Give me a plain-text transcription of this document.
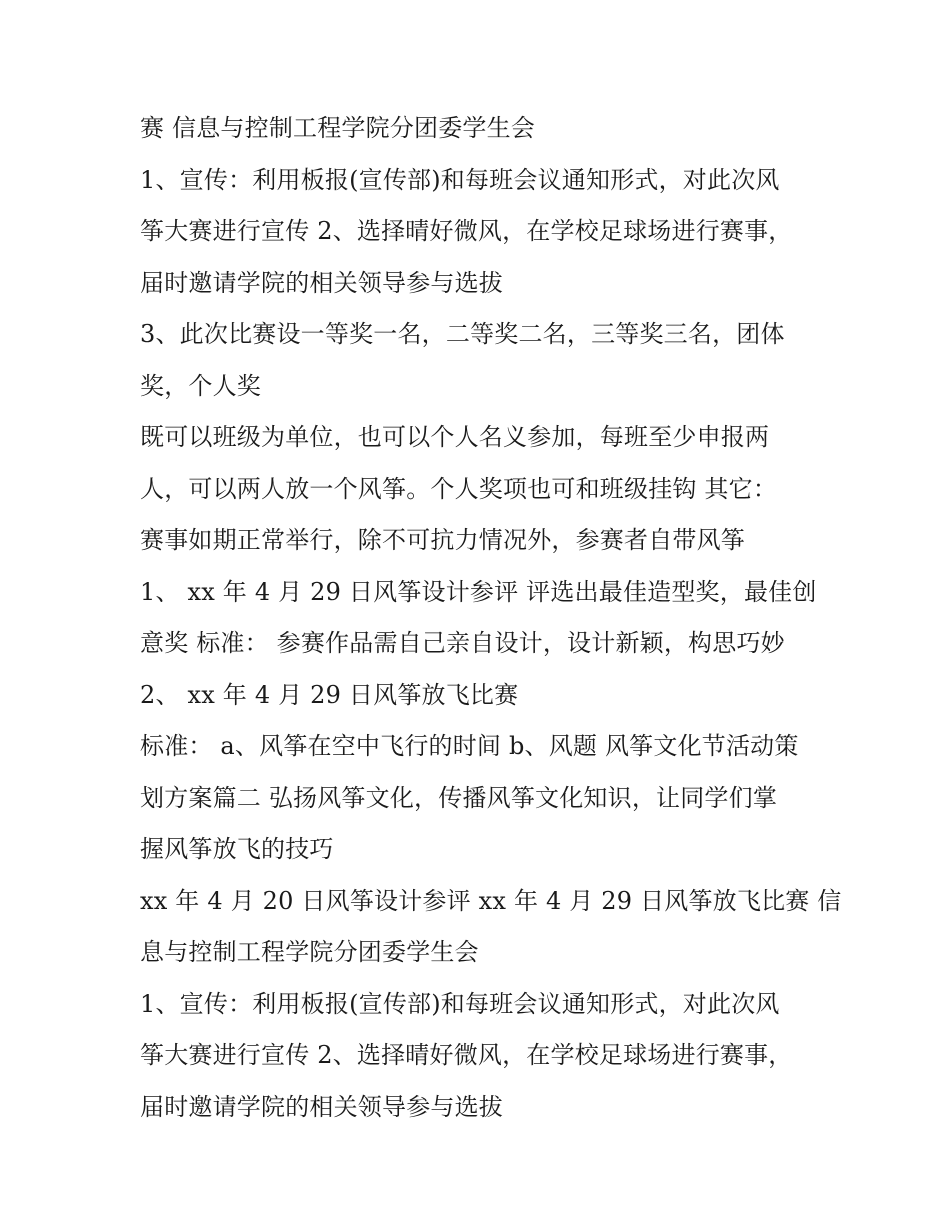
赛 信息与控制工程学院分团委学生会
1、宣传：利用板报(宣传部)和每班会议通知形式，对此次风
筝大赛进行宣传 2、选择晴好微风，在学校足球场进行赛事，
届时邀请学院的相关领导参与选拔
3、此次比赛设一等奖一名，二等奖二名，三等奖三名，团体
奖，个人奖
既可以班级为单位，也可以个人名义参加，每班至少申报两
人，可以两人放一个风筝。个人奖项也可和班级挂钩 其它：
赛事如期正常举行，除不可抗力情况外，参赛者自带风筝
1、 xx 年 4 月 29 日风筝设计参评 评选出最佳造型奖，最佳创
意奖 标准： 参赛作品需自己亲自设计，设计新颖，构思巧妙
2、 xx 年 4 月 29 日风筝放飞比赛
标准： a、风筝在空中飞行的时间 b、风题 风筝文化节活动策
划方案篇二 弘扬风筝文化，传播风筝文化知识，让同学们掌
握风筝放飞的技巧
xx 年 4 月 20 日风筝设计参评 xx 年 4 月 29 日风筝放飞比赛 信
息与控制工程学院分团委学生会
1、宣传：利用板报(宣传部)和每班会议通知形式，对此次风
筝大赛进行宣传 2、选择晴好微风，在学校足球场进行赛事，
届时邀请学院的相关领导参与选拔
